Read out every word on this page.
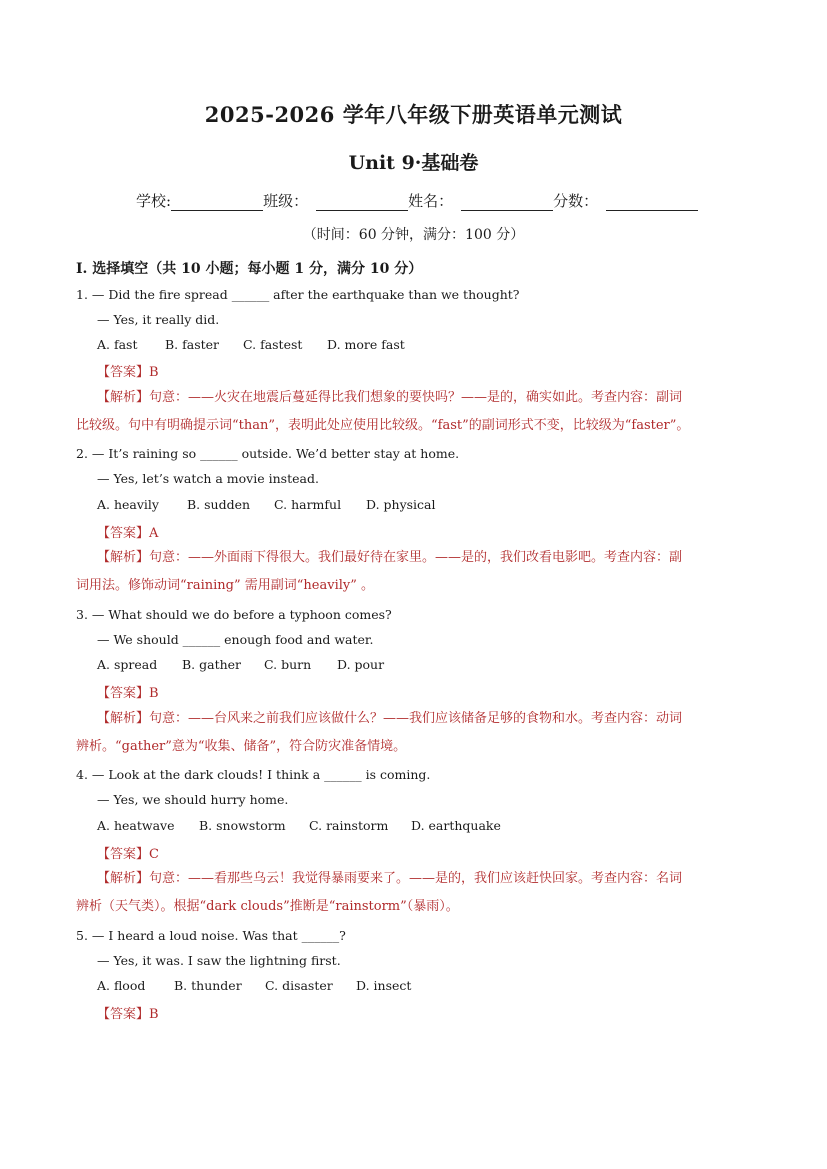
2025-2026 学年八年级下册英语单元测试
Unit 9·基础卷
学校:	班级：	姓名：	分数：
（时间：60 分钟，满分：100 分）
I. 选择填空（共 10 小题；每小题 1 分，满分 10 分）
1. — Did the fire spread ______ after the earthquake than we thought?
— Yes, it really did.
A. fast B. faster C. fastest D. more fast
【答案】B
【解析】句意：——火灾在地震后蔓延得比我们想象的要快吗？——是的，确实如此。考查内容：副词
比较级。句中有明确提示词“than”，表明此处应使用比较级。“fast”的副词形式不变，比较级为“faster”。
2. — It’s raining so ______ outside. We’d better stay at home.
— Yes, let’s watch a movie instead.
A. heavily B. sudden C. harmful D. physical
【答案】A
【解析】句意：——外面雨下得很大。我们最好待在家里。——是的，我们改看电影吧。考查内容：副
词用法。修饰动词“raining” 需用副词“heavily” 。
3. — What should we do before a typhoon comes?
— We should ______ enough food and water.
A. spread B. gather C. burn D. pour
【答案】B
【解析】句意：——台风来之前我们应该做什么？——我们应该储备足够的食物和水。考查内容：动词
辨析。“gather”意为“收集、储备”，符合防灾准备情境。
4. — Look at the dark clouds! I think a ______ is coming.
— Yes, we should hurry home.
A. heatwave B. snowstorm C. rainstorm D. earthquake
【答案】C
【解析】句意：——看那些乌云！我觉得暴雨要来了。——是的，我们应该赶快回家。考查内容：名词
辨析（天气类）。根据“dark clouds”推断是“rainstorm”（暴雨）。
5. — I heard a loud noise. Was that ______?
— Yes, it was. I saw the lightning first.
A. flood B. thunder C. disaster D. insect
【答案】B
